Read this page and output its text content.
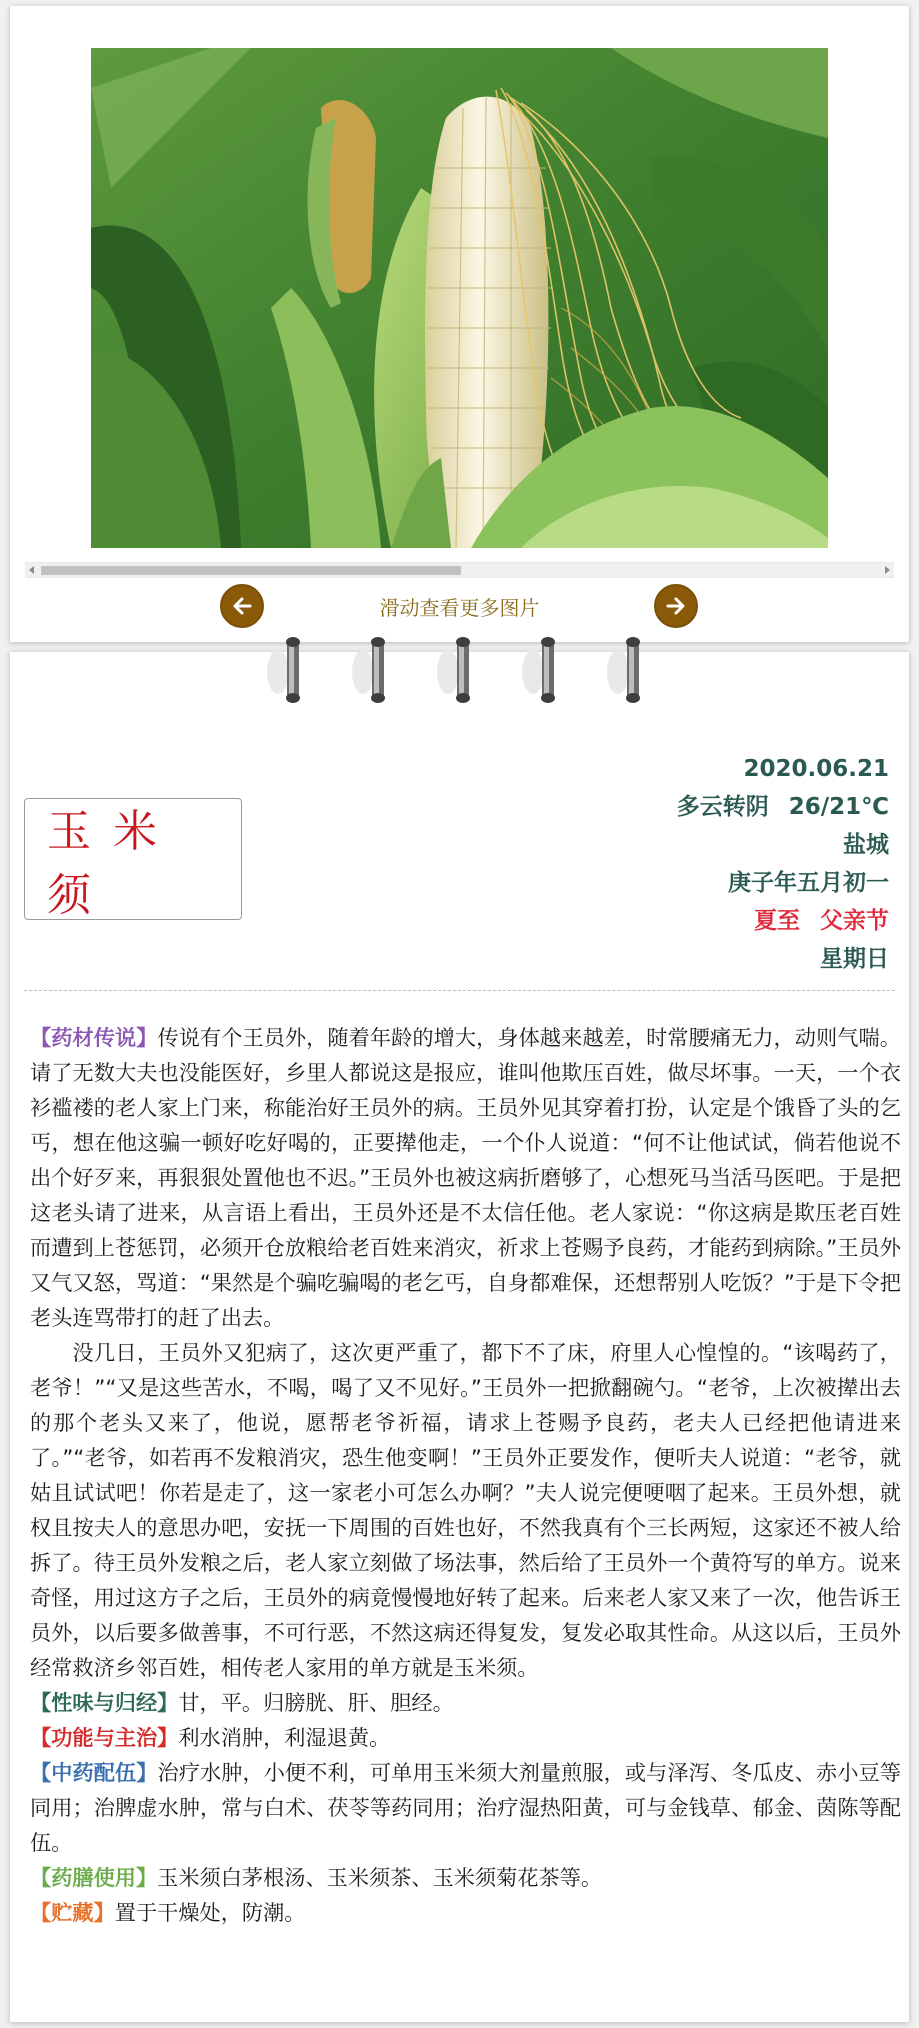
滑动查看更多图片
玉米须
2020.06.21
多云转阴 26/21℃
盐城
庚子年五月初一
夏至 父亲节
星期日

【药材传说】传说有个王员外，随着年龄的增大，身体越来越差，时常腰痛无力，动则气喘。请了无数大夫也没能医好，乡里人都说这是报应，谁叫他欺压百姓，做尽坏事。一天，一个衣衫褴褛的老人家上门来，称能治好王员外的病。王员外见其穿着打扮，认定是个饿昏了头的乞丐，想在他这骗一顿好吃好喝的，正要撵他走，一个仆人说道：“何不让他试试，倘若他说不出个好歹来，再狠狠处置他也不迟。”王员外也被这病折磨够了，心想死马当活马医吧。于是把这老头请了进来，从言语上看出，王员外还是不太信任他。老人家说：“你这病是欺压老百姓而遭到上苍惩罚，必须开仓放粮给老百姓来消灾，祈求上苍赐予良药，才能药到病除。”王员外又气又怒，骂道：“果然是个骗吃骗喝的老乞丐，自身都难保，还想帮别人吃饭？”于是下令把老头连骂带打的赶了出去。

没几日，王员外又犯病了，这次更严重了，都下不了床，府里人心惶惶的。“该喝药了，老爷！”“又是这些苦水，不喝，喝了又不见好。”王员外一把掀翻碗勺。“老爷，上次被撵出去的那个老头又来了，他说，愿帮老爷祈福，请求上苍赐予良药，老夫人已经把他请进来了。”“老爷，如若再不发粮消灾，恐生他变啊！”王员外正要发作，便听夫人说道：“老爷，就姑且试试吧！你若是走了，这一家老小可怎么办啊？”夫人说完便哽咽了起来。王员外想，就权且按夫人的意思办吧，安抚一下周围的百姓也好，不然我真有个三长两短，这家还不被人给拆了。待王员外发粮之后，老人家立刻做了场法事，然后给了王员外一个黄符写的单方。说来奇怪，用过这方子之后，王员外的病竟慢慢地好转了起来。后来老人家又来了一次，他告诉王员外，以后要多做善事，不可行恶，不然这病还得复发，复发必取其性命。从这以后，王员外经常救济乡邻百姓，相传老人家用的单方就是玉米须。

【性味与归经】甘，平。归膀胱、肝、胆经。

【功能与主治】利水消肿，利湿退黄。

【中药配伍】治疗水肿，小便不利，可单用玉米须大剂量煎服，或与泽泻、冬瓜皮、赤小豆等同用；治脾虚水肿，常与白术、茯苓等药同用；治疗湿热阳黄，可与金钱草、郁金、茵陈等配伍。

【药膳使用】玉米须白茅根汤、玉米须茶、玉米须菊花茶等。

【贮藏】置于干燥处，防潮。
